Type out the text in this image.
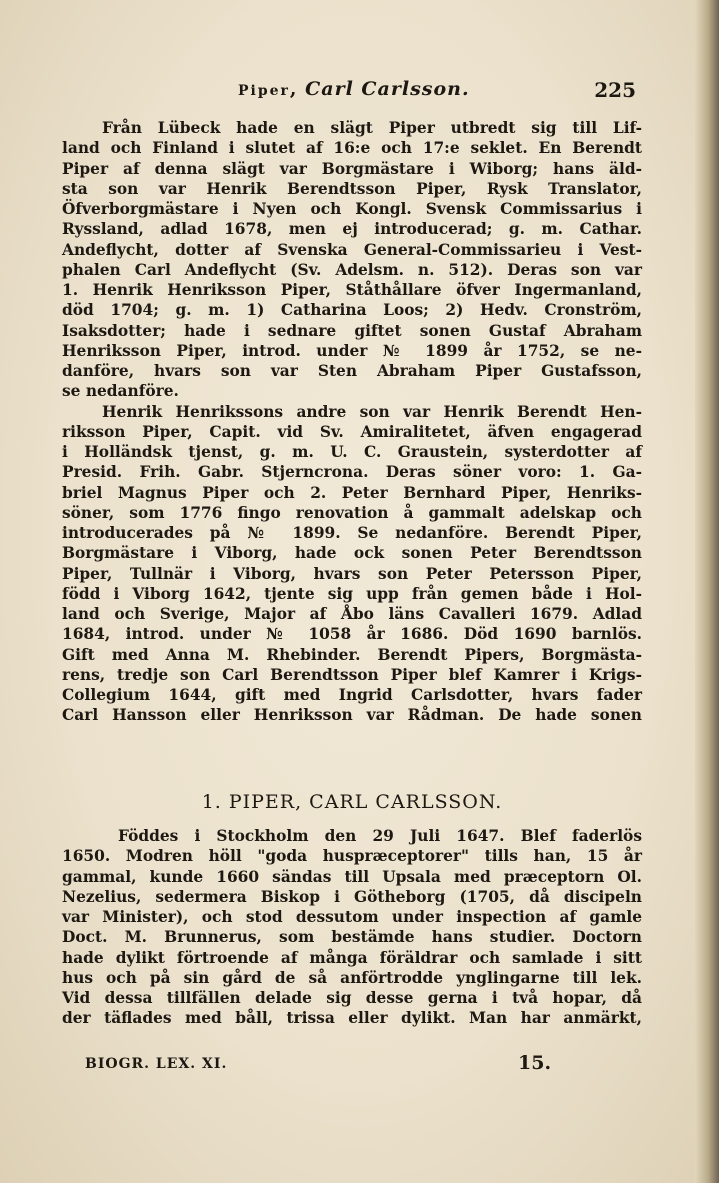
Piper, Carl Carlsson.	225
Från Lübeck hade en slägt Piper utbredt sig till Lif-
land och Finland i slutet af 16:e och 17:e seklet. En Berendt
Piper af denna slägt var Borgmästare i Wiborg; hans äld-
sta son var Henrik Berendtsson Piper, Rysk Translator,
Öfverborgmästare i Nyen och Kongl. Svensk Commissarius i
Ryssland, adlad 1678, men ej introducerad; g. m. Cathar.
Andeflycht, dotter af Svenska General-Commissarieu i Vest-
phalen Carl Andeflycht (Sv. Adelsm. n. 512). Deras son var
1. Henrik Henriksson Piper, Ståthållare öfver Ingermanland,
död 1704; g. m. 1) Catharina Loos; 2) Hedv. Cronström,
Isaksdotter; hade i sednare giftet sonen Gustaf Abraham
Henriksson Piper, introd. under № 1899 år 1752, se ne-
danföre, hvars son var Sten Abraham Piper Gustafsson,
se nedanföre.
Henrik Henrikssons andre son var Henrik Berendt Hen-
riksson Piper, Capit. vid Sv. Amiralitetet, äfven engagerad
i Holländsk tjenst, g. m. U. C. Graustein, systerdotter af
Presid. Frih. Gabr. Stjerncrona. Deras söner voro: 1. Ga-
briel Magnus Piper och 2. Peter Bernhard Piper, Henriks-
söner, som 1776 fingo renovation å gammalt adelskap och
introducerades på № 1899. Se nedanföre. Berendt Piper,
Borgmästare i Viborg, hade ock sonen Peter Berendtsson
Piper, Tullnär i Viborg, hvars son Peter Petersson Piper,
född i Viborg 1642, tjente sig upp från gemen både i Hol-
land och Sverige, Major af Åbo läns Cavalleri 1679. Adlad
1684, introd. under № 1058 år 1686. Död 1690 barnlös.
Gift med Anna M. Rhebinder. Berendt Pipers, Borgmästa-
rens, tredje son Carl Berendtsson Piper blef Kamrer i Krigs-
Collegium 1644, gift med Ingrid Carlsdotter, hvars fader
Carl Hansson eller Henriksson var Rådman. De hade sonen
1. PIPER, CARL CARLSSON.
Föddes i Stockholm den 29 Juli 1647. Blef faderlös
1650. Modren höll "goda huspræceptorer" tills han, 15 år
gammal, kunde 1660 sändas till Upsala med præceptorn Ol.
Nezelius, sedermera Biskop i Götheborg (1705, då discipeln
var Minister), och stod dessutom under inspection af gamle
Doct. M. Brunnerus, som bestämde hans studier. Doctorn
hade dylikt förtroende af många föräldrar och samlade i sitt
hus och på sin gård de så anförtrodde ynglingarne till lek.
Vid dessa tillfällen delade sig desse gerna i två hopar, då
der täflades med båll, trissa eller dylikt. Man har anmärkt,
BIOGR. LEX. XI.	15.
